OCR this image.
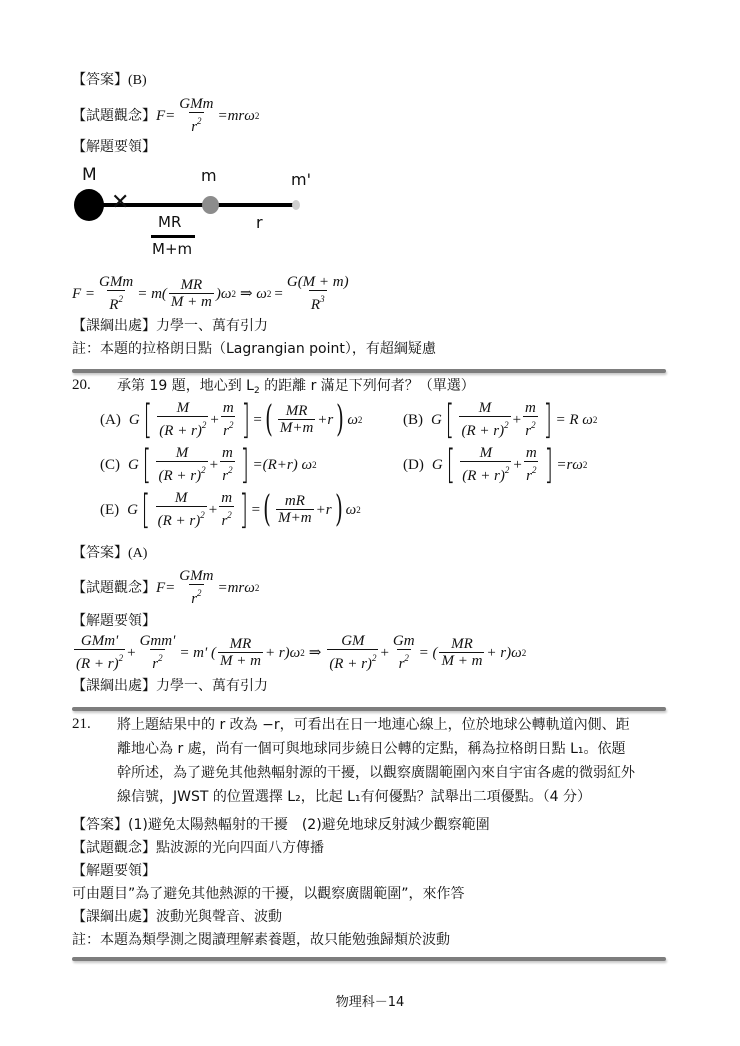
【答案】(B)
【試題觀念】 $F= \frac{\text{GMm}}{r^2} =mr\omega$ 2
【解題要領】
✕
M	m	m'
r
MR
M+m
$F = \frac{\text{GMm}}{R^2} = m( \frac{MR}{M + m} )\omega$ 2 ⇒ ω $2 = \frac{G(M + m)}{R^3}$
【課綱出處】力學一、萬有引力
註：本題的拉格朗日點（Lagrangian point），有超綱疑慮
20. 承第 19 題，地心到 $L_2$ 的距離 r 滿足下列何者？（單選）
(A) G [ $\frac{M}{(R + r)^2} + \frac{m}{r^2}$ ] = ( $\frac{MR}{M+m} +r$ ) ω 2	(B) G [ $\frac{M}{(R + r)^2} + \frac{m}{r^2}$ ] = R ω 2
(C) G [ $\frac{M}{(R + r)^2} + \frac{m}{r^2}$ ] =(R+r) ω 2	(D) G [ $\frac{M}{(R + r)^2} + \frac{m}{r^2}$ ] =rω 2
(E) G [ $\frac{M}{(R + r)^2} + \frac{m}{r^2}$ ] = ( $\frac{mR}{M+m} +r$ ) ω 2
【答案】(A)
【試題觀念】 $F= \frac{\text{GMm}}{r^2} =mr\omega$ 2
【解題要領】
$\frac{\text{GMm'}}{(R + r)^2} + \frac{\text{Gmm'}}{r^2} = m'$ ( $\frac{MR}{M + m} + r)\omega$ 2 ⇒ $\frac{GM}{(R + r)^2} + \frac{Gm}{r^2}$ = ( $\frac{MR}{M + m} + r)\omega$ 2
【課綱出處】力學一、萬有引力
21. 將上題結果中的 r 改為 −r，可看出在日一地連心線上，位於地球公轉軌道內側、距
離地心為 r 處，尚有一個可與地球同步繞日公轉的定點，稱為拉格朗日點 L₁。依題
幹所述，為了避免其他熱輻射源的干擾，以觀察廣闊範圍內來自宇宙各處的微弱紅外
線信號，JWST 的位置選擇 L₂，比起 L₁有何優點？試舉出二項優點。（4 分）
【答案】(1)避免太陽熱輻射的干擾　(2)避免地球反射減少觀察範圍
【試題觀念】點波源的光向四面八方傳播
【解題要領】
可由題目”為了避免其他熱源的干擾，以觀察廣闊範圍”，來作答
【課綱出處】波動光與聲音、波動
註：本題為類學測之閱讀理解素養題，故只能勉強歸類於波動
物理科－14
